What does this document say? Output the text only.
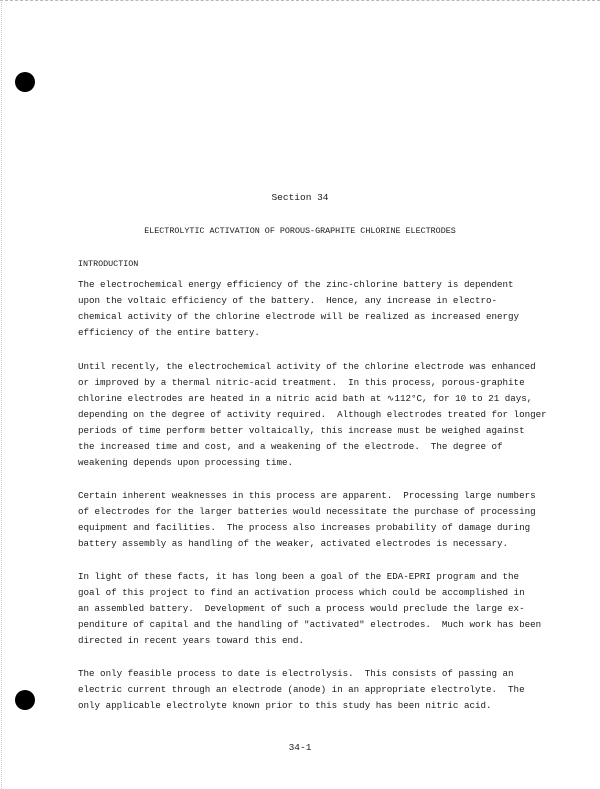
Section 34
ELECTROLYTIC ACTIVATION OF POROUS-GRAPHITE CHLORINE ELECTRODES
INTRODUCTION
The electrochemical energy efficiency of the zinc-chlorine battery is dependent
upon the voltaic efficiency of the battery.  Hence, any increase in electro-
chemical activity of the chlorine electrode will be realized as increased energy
efficiency of the entire battery.
Until recently, the electrochemical activity of the chlorine electrode was enhanced
or improved by a thermal nitric-acid treatment.  In this process, porous-graphite
chlorine electrodes are heated in a nitric acid bath at ∿112°C, for 10 to 21 days,
depending on the degree of activity required.  Although electrodes treated for longer
periods of time perform better voltaically, this increase must be weighed against
the increased time and cost, and a weakening of the electrode.  The degree of
weakening depends upon processing time.
Certain inherent weaknesses in this process are apparent.  Processing large numbers
of electrodes for the larger batteries would necessitate the purchase of processing
equipment and facilities.  The process also increases probability of damage during
battery assembly as handling of the weaker, activated electrodes is necessary.
In light of these facts, it has long been a goal of the EDA-EPRI program and the
goal of this project to find an activation process which could be accomplished in
an assembled battery.  Development of such a process would preclude the large ex-
penditure of capital and the handling of "activated" electrodes.  Much work has been
directed in recent years toward this end.
The only feasible process to date is electrolysis.  This consists of passing an
electric current through an electrode (anode) in an appropriate electrolyte.  The
only applicable electrolyte known prior to this study has been nitric acid.
34-1
